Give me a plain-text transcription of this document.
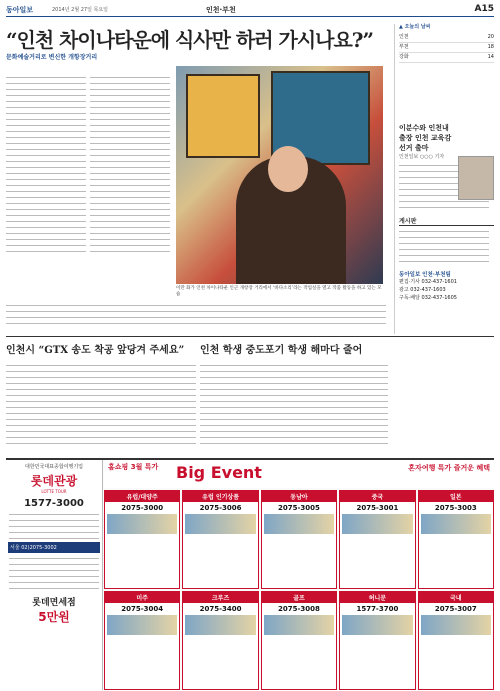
동아일보	2014년 2월 27일 목요일	인천·부천	A15
“인천 차이나타운에 식사만 하러 가시나요?”
문화예술거리로 변신한 개항장거리
이만 화가 인천 차이나타운 인근 개항장 거리에서 ‘바다소리’라는 작업실을 열고 작품 활동을 하고 있는 모습
▲ 오늘의 날씨
인천	20
부천	18
강화	14
이분수와 인천내 출장 인천 교육감선거 출마
인천일보 ○○○ 기자
게시판
동아일보 인천·부천팀
편집·기사 032-437-1601
광고 032-437-1603
구독·배달 032-437-1605
인천시 “GTX 송도 착공 앞당겨 주세요” 인천 학생 중도포기 학생 해마다 줄어
대한민국대표종합여행기업
롯데관광
LOTTE TOUR
1577-3000
서울 02)2075-3002
롯데면세점
5만원
홈쇼핑 3월 특가 Big Event	혼자여행 특가 즐거운 혜택
유럽/대양주
2075-3000
유럽 인기상품
2075-3006
동남아
2075-3005
중국
2075-3001
일본
2075-3003
미주
2075-3004
크루즈
2075-3400
골프
2075-3008
허니문
1577-3700
국내
2075-3007
